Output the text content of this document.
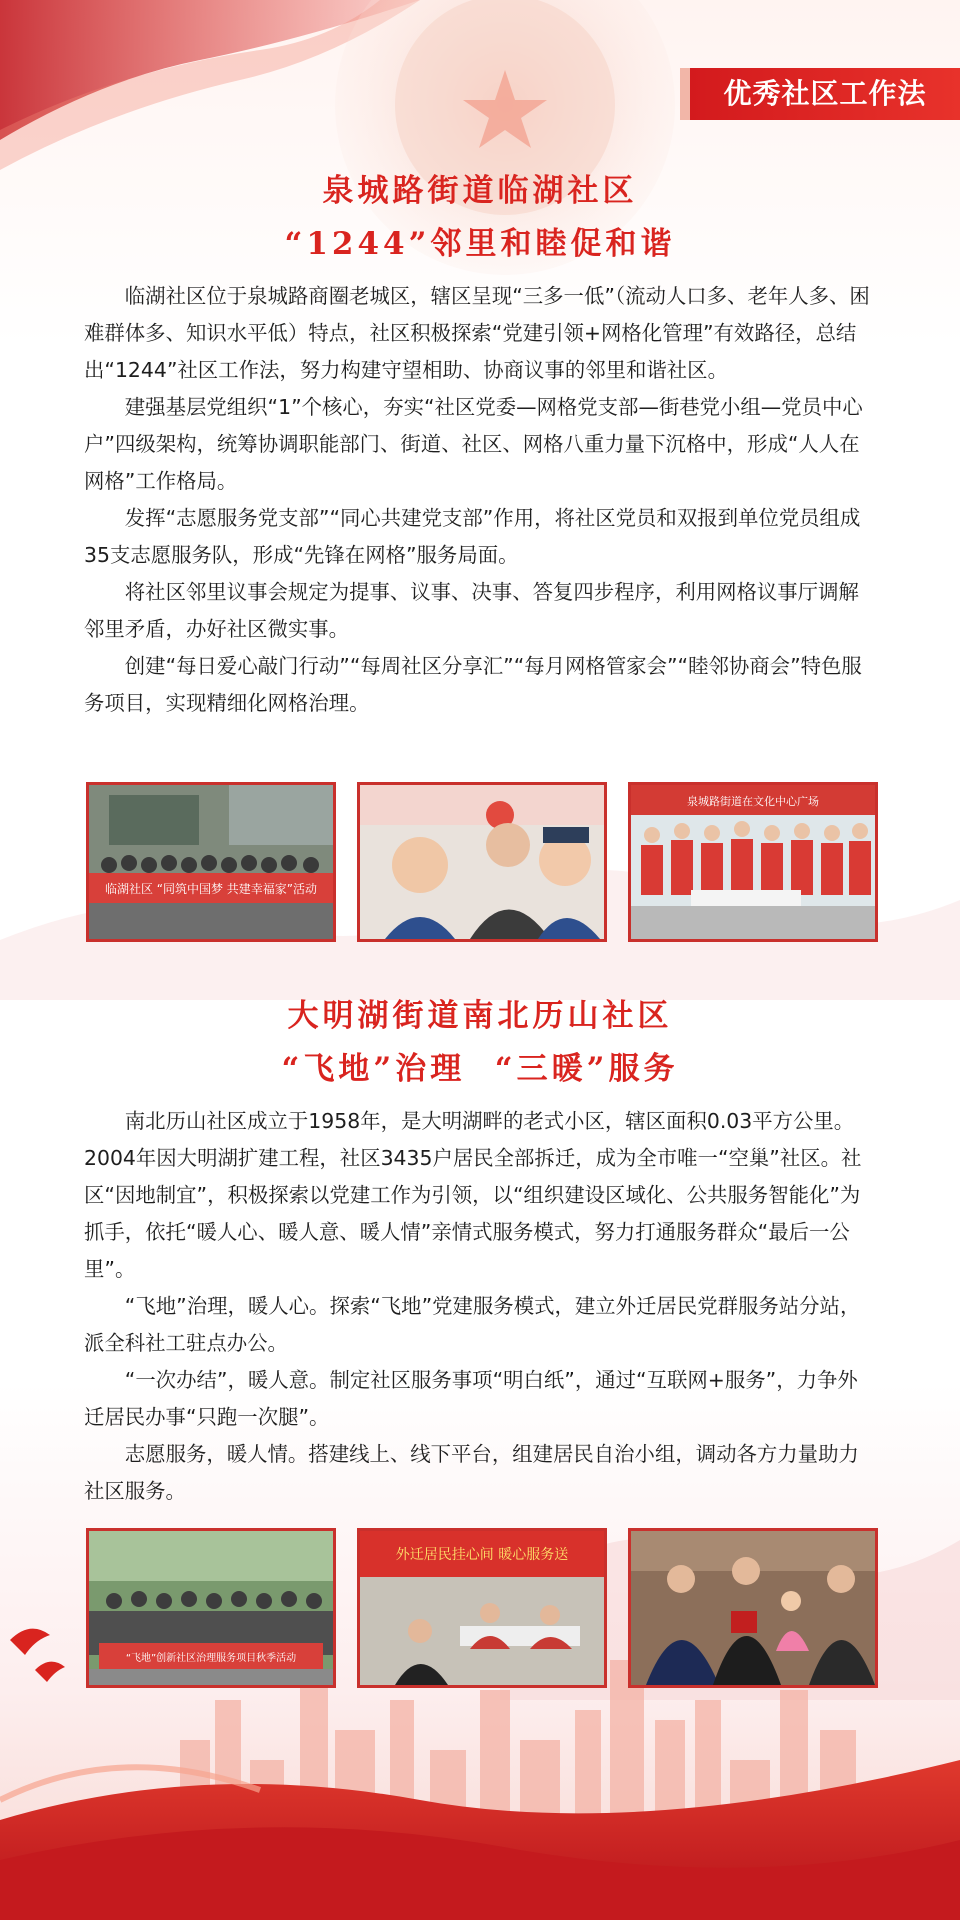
优秀社区工作法
泉城路街道临湖社区
“1244”邻里和睦促和谐

临湖社区位于泉城路商圈老城区，辖区呈现“三多一低”（流动人口多、老年人多、困难群体多、知识水平低）特点，社区积极探索“党建引领+网格化管理”有效路径，总结出“1244”社区工作法，努力构建守望相助、协商议事的邻里和谐社区。

建强基层党组织“1”个核心，夯实“社区党委—网格党支部—街巷党小组—党员中心户”四级架构，统筹协调职能部门、街道、社区、网格八重力量下沉格中，形成“人人在网格”工作格局。

发挥“志愿服务党支部”“同心共建党支部”作用，将社区党员和双报到单位党员组成35支志愿服务队，形成“先锋在网格”服务局面。

将社区邻里议事会规定为提事、议事、决事、答复四步程序，利用网格议事厅调解邻里矛盾，办好社区微实事。

创建“每日爱心敲门行动”“每周社区分享汇”“每月网格管家会”“睦邻协商会”特色服务项目，实现精细化网格治理。

临湖社区 “同筑中国梦 共建幸福家”活动
泉城路街道在文化中心广场
大明湖街道南北历山社区
“飞地”治理  “三暖”服务

南北历山社区成立于1958年，是大明湖畔的老式小区，辖区面积0.03平方公里。2004年因大明湖扩建工程，社区3435户居民全部拆迁，成为全市唯一“空巢”社区。社区“因地制宜”，积极探索以党建工作为引领，以“组织建设区域化、公共服务智能化”为抓手，依托“暖人心、暖人意、暖人情”亲情式服务模式，努力打通服务群众“最后一公里”。

“飞地”治理，暖人心。探索“飞地”党建服务模式，建立外迁居民党群服务站分站，派全科社工驻点办公。

“一次办结”，暖人意。制定社区服务事项“明白纸”，通过“互联网+服务”，力争外迁居民办事“只跑一次腿”。

志愿服务，暖人情。搭建线上、线下平台，组建居民自治小组，调动各方力量助力社区服务。

“飞地”创新社区治理服务项目秋季活动
外迁居民挂心间 暖心服务送
